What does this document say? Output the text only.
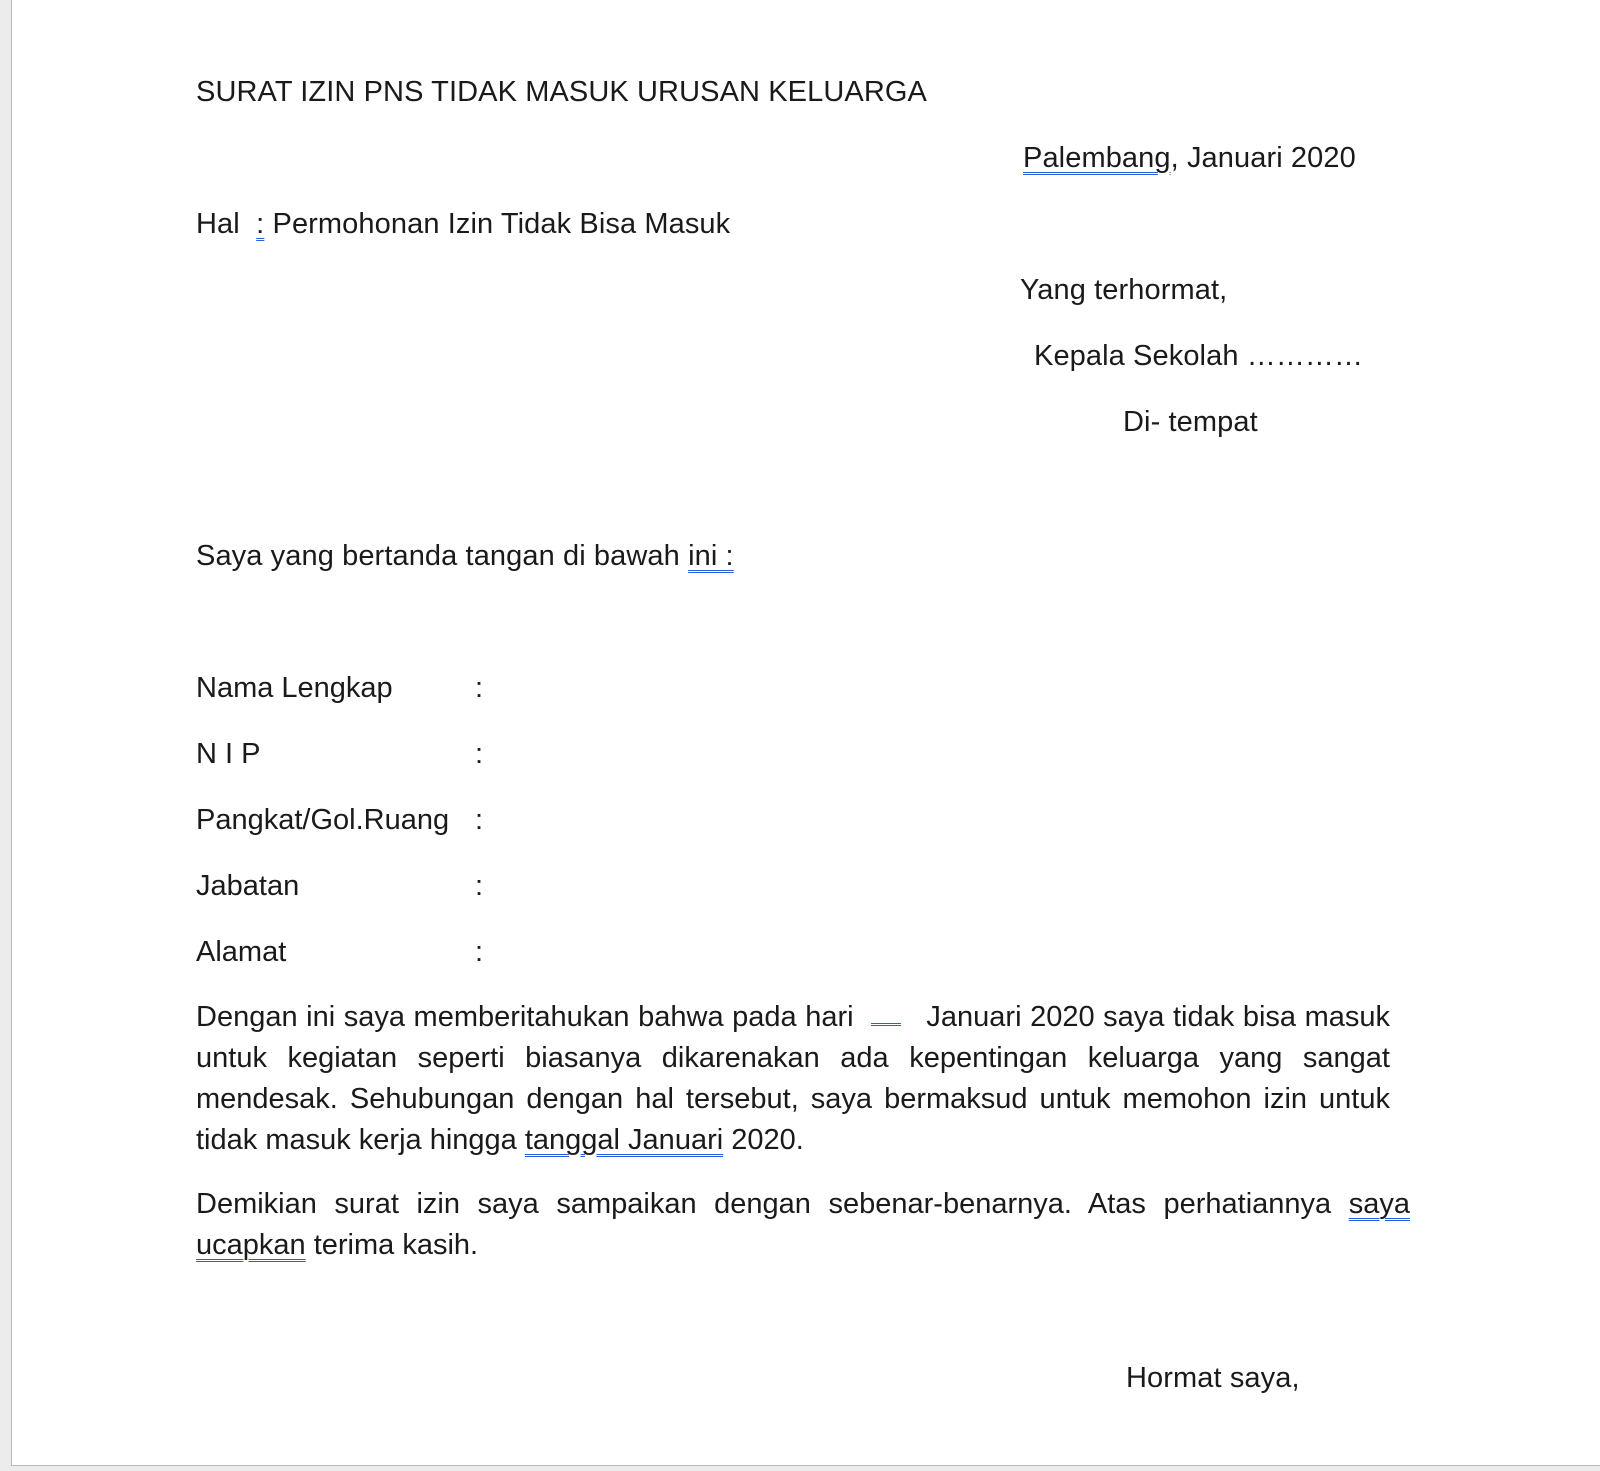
SURAT IZIN PNS TIDAK MASUK URUSAN KELUARGA
Palembang, Januari 2020
Hal : Permohonan Izin Tidak Bisa Masuk
Yang terhormat,
Kepala Sekolah …………
Di- tempat
Saya yang bertanda tangan di bawah ini :
Nama Lengkap	:
N I P	:
Pangkat/Gol.Ruang :
Jabatan	:
Alamat	:
Dengan ini saya memberitahukan bahwa pada hari	Januari 2020 saya tidak bisa masuk untuk kegiatan seperti biasanya dikarenakan ada kepentingan keluarga yang sangat mendesak. Sehubungan dengan hal tersebut, saya bermaksud untuk memohon izin untuk tidak masuk kerja hingga tanggal Januari 2020.
Demikian surat izin saya sampaikan dengan sebenar-benarnya. Atas perhatiannya saya ucapkan terima kasih.
Hormat saya,
